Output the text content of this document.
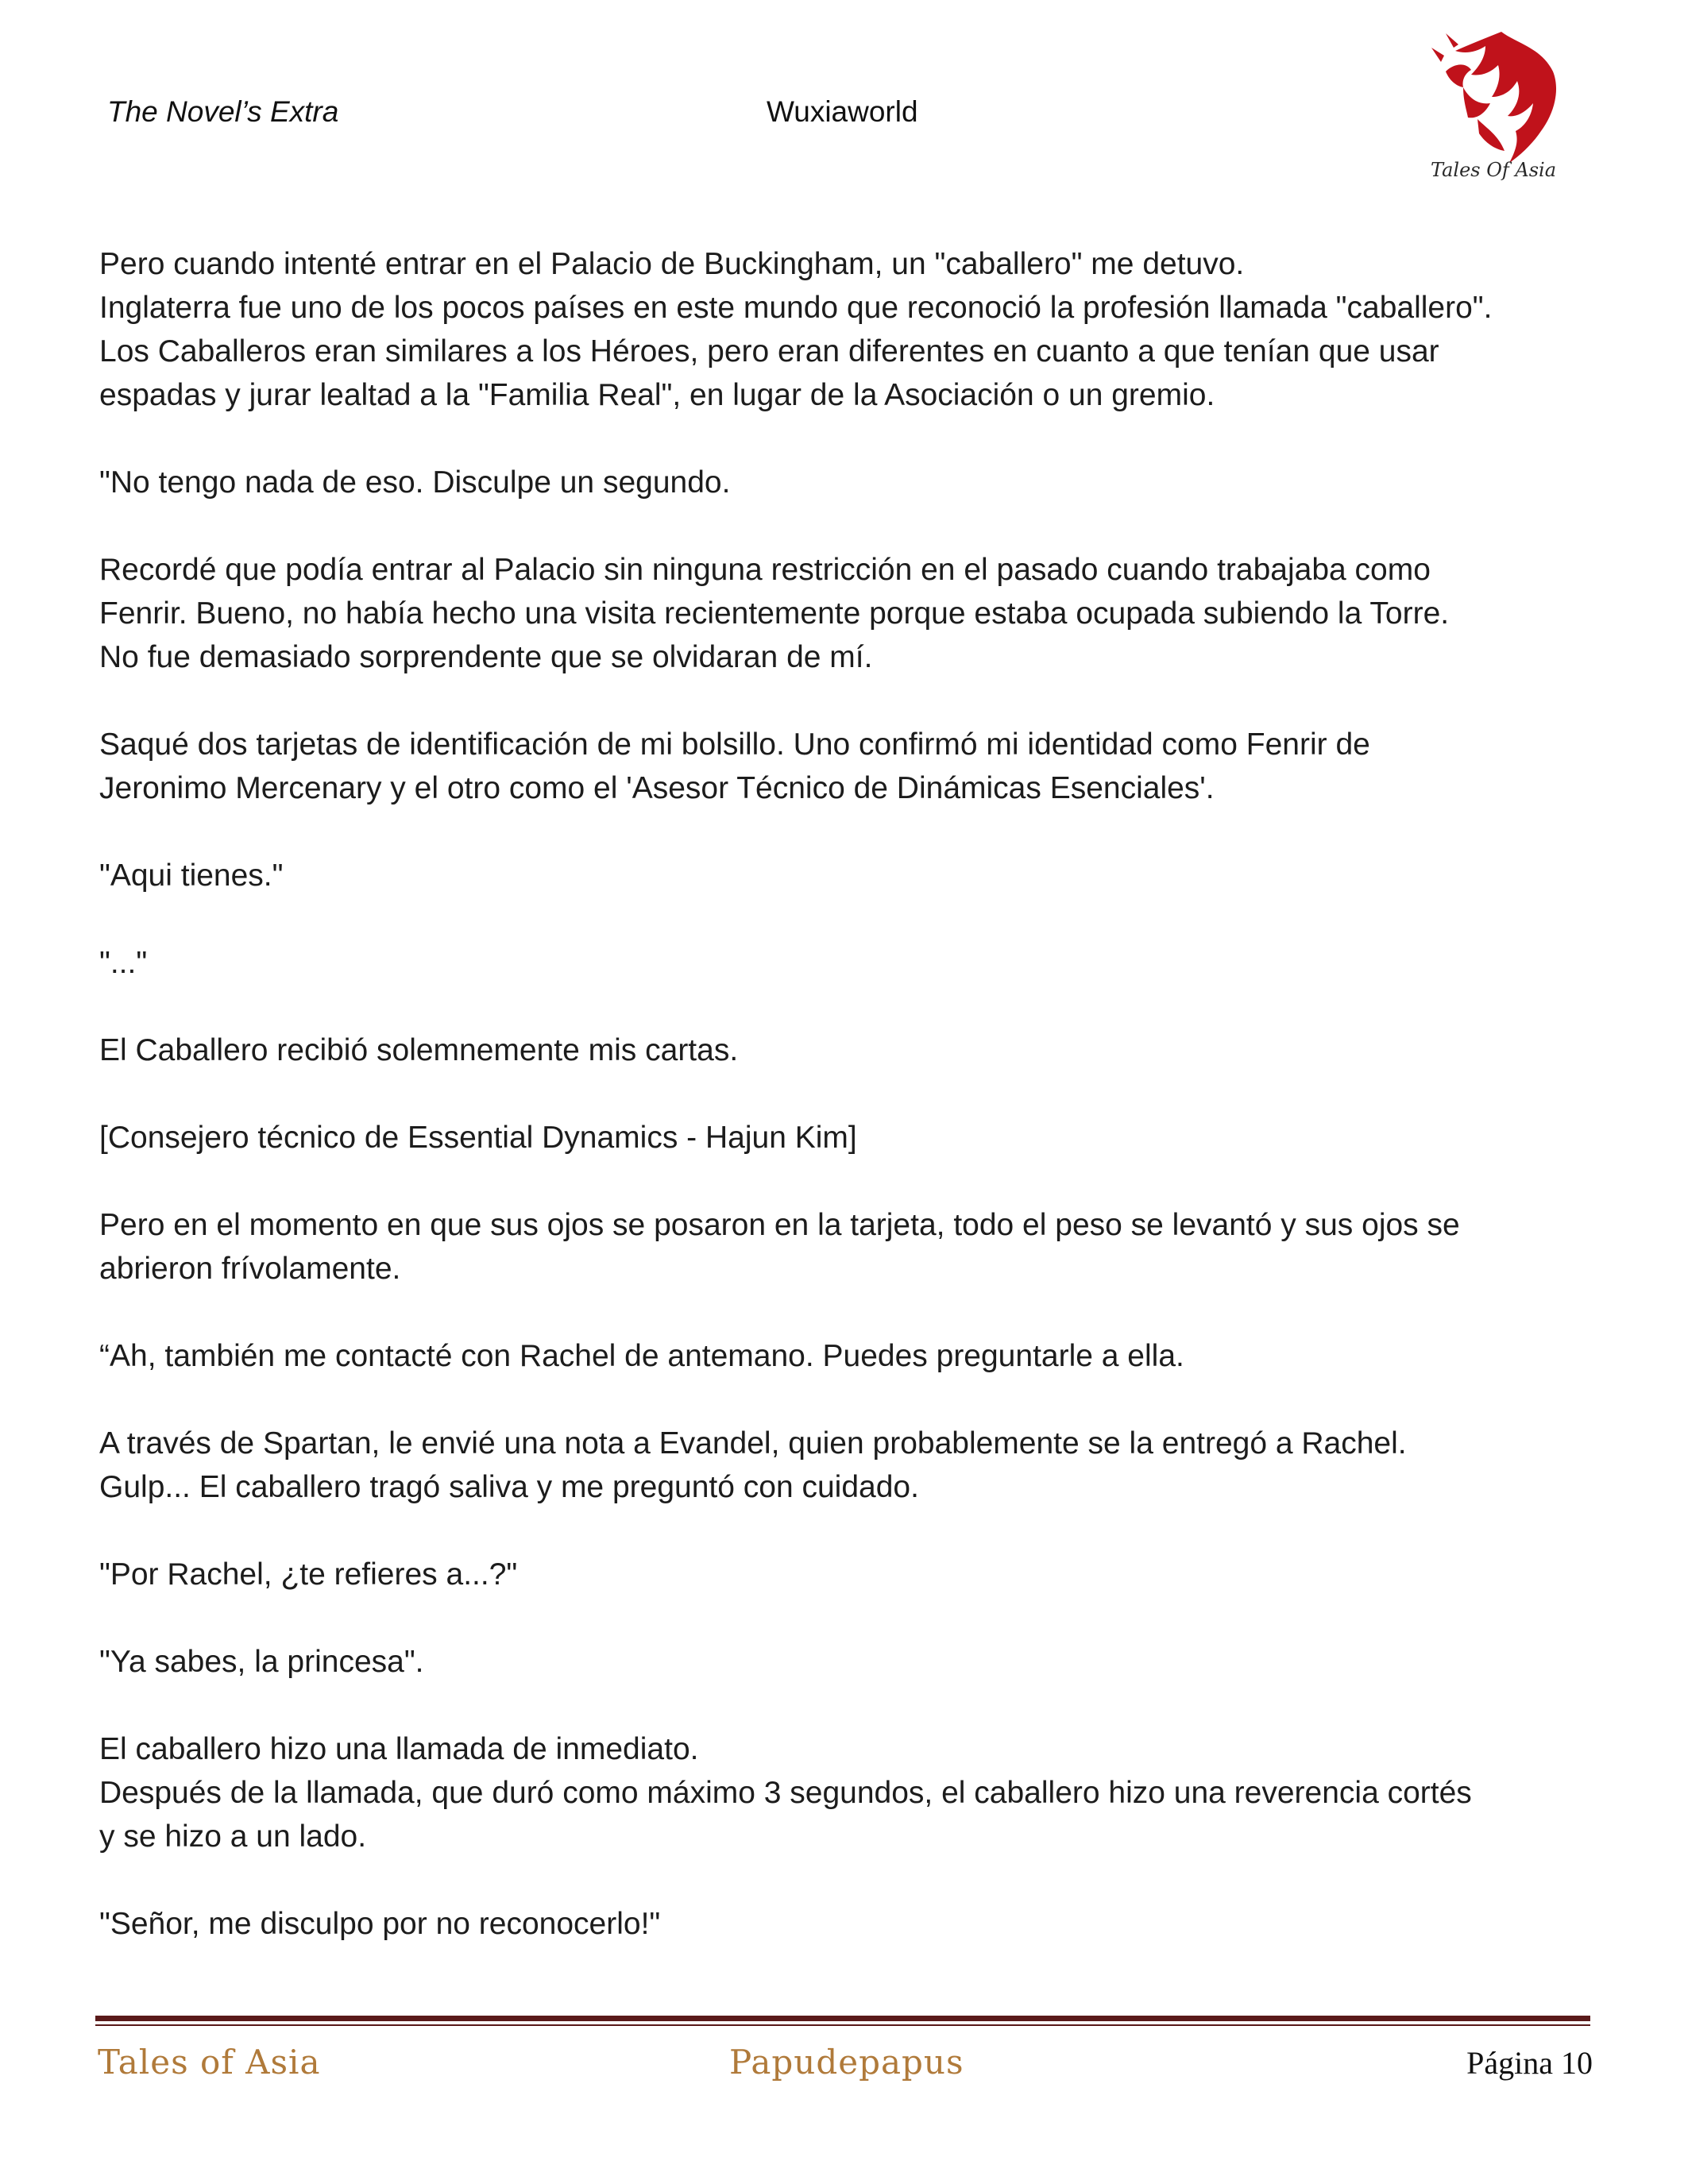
The Novel’s Extra	Wuxiaworld
Tales Of Asia

Pero cuando intenté entrar en el Palacio de Buckingham, un "caballero" me detuvo.
Inglaterra fue uno de los pocos países en este mundo que reconoció la profesión llamada "caballero".
Los Caballeros eran similares a los Héroes, pero eran diferentes en cuanto a que tenían que usar
espadas y jurar lealtad a la "Familia Real", en lugar de la Asociación o un gremio.

"No tengo nada de eso. Disculpe un segundo.

Recordé que podía entrar al Palacio sin ninguna restricción en el pasado cuando trabajaba como
Fenrir. Bueno, no había hecho una visita recientemente porque estaba ocupada subiendo la Torre.
No fue demasiado sorprendente que se olvidaran de mí.

Saqué dos tarjetas de identificación de mi bolsillo. Uno confirmó mi identidad como Fenrir de
Jeronimo Mercenary y el otro como el 'Asesor Técnico de Dinámicas Esenciales'.

"Aqui tienes."

"..."

El Caballero recibió solemnemente mis cartas.

[Consejero técnico de Essential Dynamics - Hajun Kim]

Pero en el momento en que sus ojos se posaron en la tarjeta, todo el peso se levantó y sus ojos se
abrieron frívolamente.

“Ah, también me contacté con Rachel de antemano. Puedes preguntarle a ella.

A través de Spartan, le envié una nota a Evandel, quien probablemente se la entregó a Rachel.
Gulp... El caballero tragó saliva y me preguntó con cuidado.

"Por Rachel, ¿te refieres a...?"

"Ya sabes, la princesa".

El caballero hizo una llamada de inmediato.
Después de la llamada, que duró como máximo 3 segundos, el caballero hizo una reverencia cortés
y se hizo a un lado.

"Señor, me disculpo por no reconocerlo!"

Tales of Asia	Papudepapus	Página 10
